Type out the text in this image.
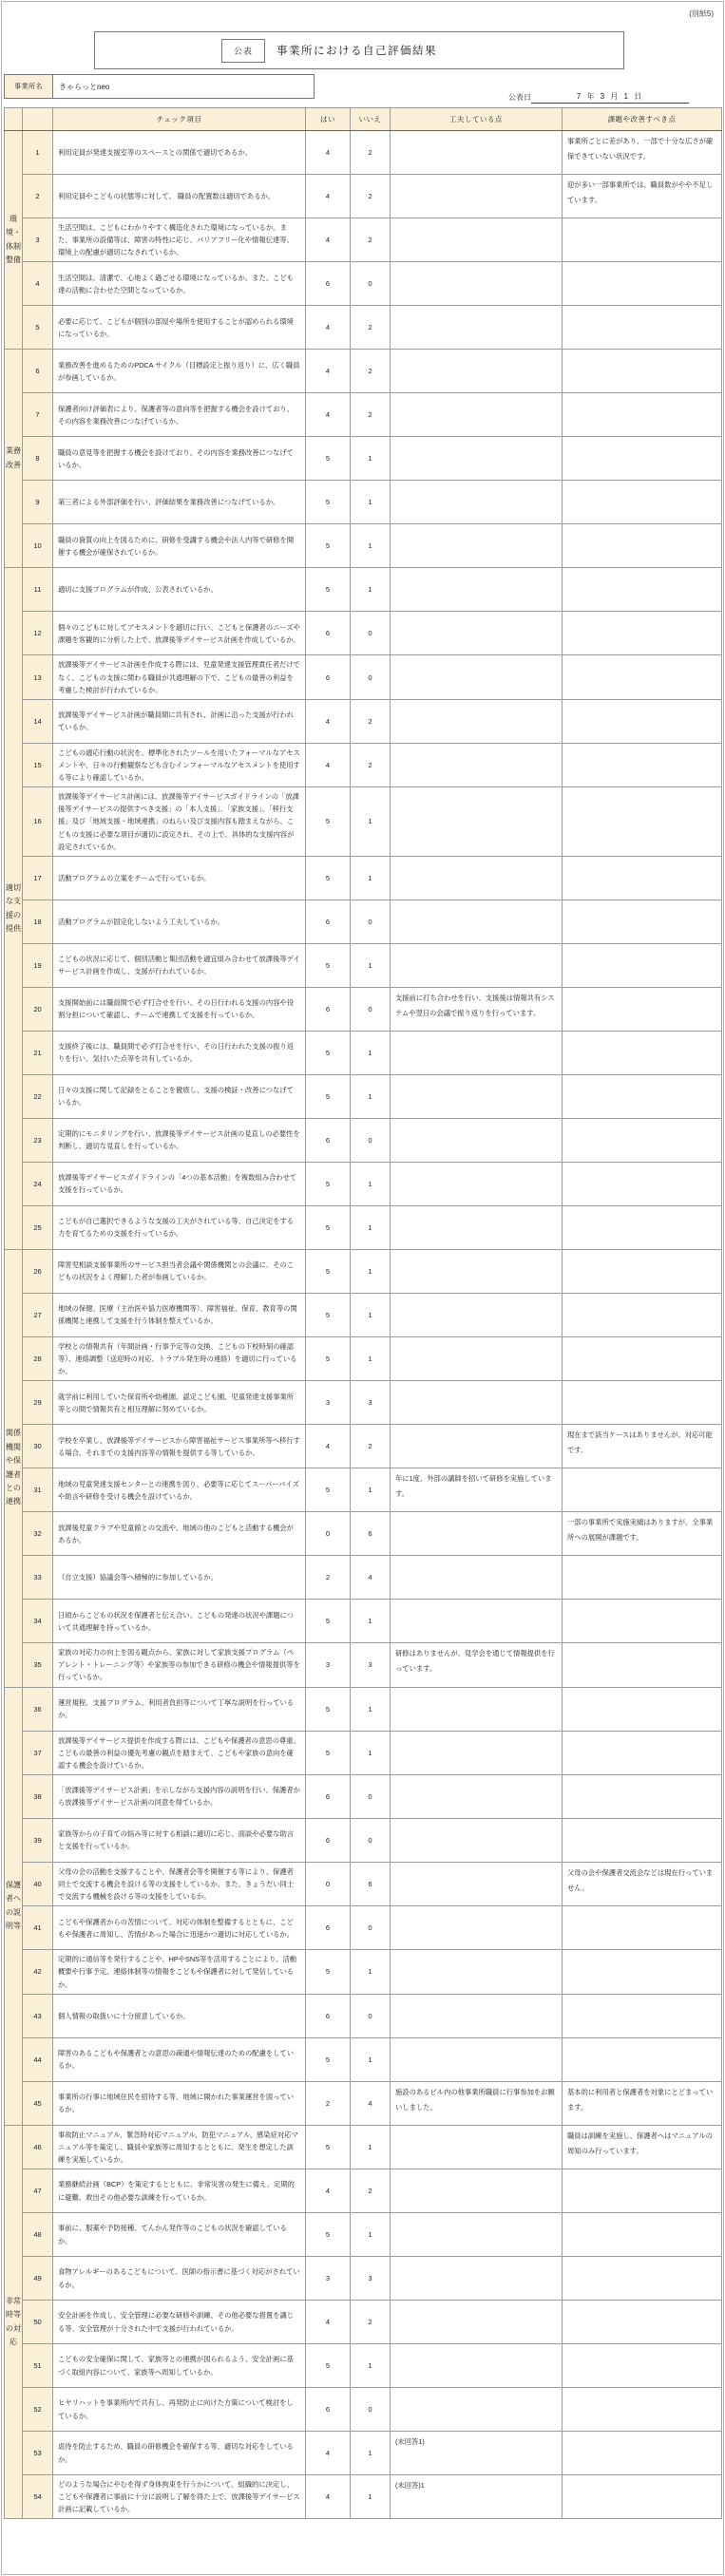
(別紙5)
公表	事業所における自己評価結果
事業所名	きゃらっとneo
公表日	7 年 3 月 1 日
		チェック項目	はい	いいえ	工夫している点	課題や改善すべき点
環境・体制整備	1	利用定員が発達支援室等のスペースとの関係で適切であるか。	4	2		事業所ごとに差があり、一部で十分な広さが確保できていない状況です。
	2	利用定員やこどもの状態等に対して、 職員の配置数は適切であるか。	4	2		迎が多い一部事業所では、職員数がやや不足しています。
	3	生活空間は、こどもにわかりやすく構造化された環境になっているか。また、事業所の設備等は、障害の特性に応じ、バリアフリー化や情報伝達等、環境上の配慮が適切になされているか。	4	2		
	4	生活空間は、清潔で、心地よく過ごせる環境になっているか。また、こども達の活動に合わせた空間となっているか。	6	0		
	5	必要に応じて、こどもが個別の部屋や場所を使用することが認められる環境になっているか。	4	2		
業務改善	6	業務改善を進めるためのPDCA サイクル（目標設定と振り返り）に、広く職員が参画しているか。	4	2		
	7	保護者向け評価表により、保護者等の意向等を把握する機会を設けており、その内容を業務改善につなげているか。	4	2		
	8	職員の意見等を把握する機会を設けており、その内容を業務改善につなげているか。	5	1		
	9	第三者による外部評価を行い、評価結果を業務改善につなげているか。	5	1		
	10	職員の資質の向上を図るために、研修を受講する機会や法人内等で研修を開催する機会が確保されているか。	5	1		
適切な支援の提供	11	適切に支援プログラムが作成、公表されているか。	5	1		
	12	個々のこどもに対してアセスメントを適切に行い、こどもと保護者のニーズや課題を客観的に分析した上で、放課後等デイサービス計画を作成しているか。	6	0		
	13	放課後等デイサービス計画を作成する際には、児童発達支援管理責任者だけでなく、こどもの支援に関わる職員が共通理解の下で、こどもの最善の利益を考慮した検討が行われているか。	6	0		
	14	放課後等デイサービス計画が職員間に共有され、計画に沿った支援が行われているか。	4	2		
	15	こどもの適応行動の状況を、標準化されたツールを用いたフォーマルなアセスメントや、日々の行動観察なども含むインフォーマルなアセスメントを使用する等により確認しているか。	4	2		
	16	放課後等デイサービス計画には、放課後等デイサービスガイドラインの「放課後等デイサービスの提供すべき支援」の「本人支援」、「家族支援」、「移行支援」及び「地域支援・地域連携」のねらい及び支援内容も踏まえながら、こどもの支援に必要な項目が適切に設定され、その上で、具体的な支援内容が設定されているか。	5	1		
	17	活動プログラムの立案をチームで行っているか。	5	1		
	18	活動プログラムが固定化しないよう工夫しているか。	6	0		
	19	こどもの状況に応じて、個別活動と集団活動を適宜組み合わせて放課後等デイサービス計画を作成し、支援が行われているか。	5	1		
	20	支援開始前には職員間で必ず打合せを行い、その日行われる支援の内容や役割分担について確認し、チームで連携して支援を行っているか。	6	0	支援前に打ち合わせを行い、支援後は情報共有システムや翌日の会議で振り返りを行っています。	
	21	支援終了後には、職員間で必ず打合せを行い、その日行われた支援の振り返りを行い、気付いた点等を共有しているか。	5	1		
	22	日々の支援に関して記録をとることを徹底し、支援の検証・改善につなげているか。	5	1		
	23	定期的にモニタリングを行い、放課後等デイサービス計画の見直しの必要性を判断し、適切な見直しを行っているか。	6	0		
	24	放課後等デイサービスガイドラインの「4つの基本活動」を複数組み合わせて支援を行っているか。	5	1		
	25	こどもが自己選択できるような支援の工夫がされている等、自己決定をする力を育てるための支援を行っているか。	5	1		
関係機関や保護者との連携	26	障害児相談支援事業所のサービス担当者会議や関係機関との会議に、そのこどもの状況をよく理解した者が参画しているか。	5	1		
	27	地域の保健、医療（主治医や協力医療機関等）、障害福祉、保育、教育等の関係機関と連携して支援を行う体制を整えているか。	5	1		
	28	学校との情報共有（年間計画・行事予定等の交換、こどもの下校時刻の確認等）、連絡調整（送迎時の対応、トラブル発生時の連絡）を適切に行っているか。	5	1		
	29	就学前に利用していた保育所や幼稚園、認定こども園、児童発達支援事業所等との間で情報共有と相互理解に努めているか。	3	3		
	30	学校を卒業し、放課後等デイサービスから障害福祉サービス事業所等へ移行する場合、それまでの支援内容等の情報を提供する等しているか。	4	2		現在まで該当ケースはありませんが、対応可能です。
	31	地域の児童発達支援センターとの連携を図り、必要等に応じてスーパーバイズや助言や研修を受ける機会を設けているか。	5	1	年に1度、外部の講師を招いて研修を実施しています。	
	32	放課後児童クラブや児童館との交流や、地域の他のこどもと活動する機会があるか。	0	6		一部の事業所で実施実績はありますが、全事業所への展開が課題です。
	33	（自立支援）協議会等へ積極的に参加しているか。	2	4		
	34	日頃からこどもの状況を保護者と伝え合い、こどもの発達の状況や課題について共通理解を持っているか。	5	1		
	35	家族の対応力の向上を図る観点から、家族に対して家族支援プログラム（ペアレント・トレーニング等）や家族等の参加できる研修の機会や情報提供等を行っているか。	3	3	研修はありませんが、見学会を通じて情報提供を行っています。	
保護者への説明等	36	運営規程、支援プログラム、利用者負担等について丁寧な説明を行っているか。	5	1		
	37	放課後等デイサービス提供を作成する際には、こどもや保護者の意思の尊重、こどもの最善の利益の優先考慮の観点を踏まえて、こどもや家族の意向を確認する機会を設けているか。	5	1		
	38	「放課後等デイサービス計画」を示しながら支援内容の説明を行い、保護者から放課後等デイサービス計画の同意を得ているか。	6	0		
	39	家族等からの子育ての悩み等に対する相談に適切に応じ、面談や必要な助言と支援を行っているか。	6	0		
	40	父母の会の活動を支援することや、保護者会等を開催する等により、保護者同士で交流する機会を設ける等の支援をしているか。また、きょうだい同士で交流する機械を設ける等の支援をしているか。	0	6		父母の会や保護者交流会などは現在行っていません。
	41	こどもや保護者からの苦情について、対応の体制を整備するとともに、こどもや保護者に周知し、苦情があった場合に迅速かつ適切に対応しているか。	6	0		
	42	定期的に通信等を発行することや、HPやSNS等を活用することにより、活動概要や行事予定、連絡体制等の情報をこどもや保護者に対して発信しているか。	5	1		
	43	個人情報の取扱いに十分留意しているか。	6	0		
	44	障害のあるこどもや保護者との意思の疎通や情報伝達のための配慮をしているか。	5	1		
	45	事業所の行事に地域住民を招待する等、地域に開かれた事業運営を図っているか。	2	4	施設のあるビル内の他事業所職員に行事参加をお願いしました。	基本的に利用者と保護者を対象にとどまっています。
非常時等の対応	46	事故防止マニュアル、緊急時対応マニュアル、防犯マニュアル、感染症対応マニュアル等を策定し、職員や家族等に周知するとともに、発生を想定した訓練を実施しているか。	5	1		職員は訓練を実施し、保護者へはマニュアルの周知のみ行っています。
	47	業務継続計画（BCP）を策定するとともに、非常災害の発生に備え、定期的に避難、救出その他必要な訓練を行っているか。	4	2		
	48	事前に、服薬や予防接種、てんかん発作等のこどもの状況を確認しているか。	5	1		
	49	食物アレルギーのあるこどもについて、医師の指示書に基づく対応がされているか。	3	3		
	50	安全計画を作成し、安全管理に必要な研修や訓練、その他必要な措置を講じる等、安全管理が十分された中で支援が行われているか。	4	2		
	51	こどもの安全確保に関して、家族等との連携が図られるよう、安全計画に基づく取組内容について、家族等へ周知しているか。	5	1		
	52	ヒヤリハットを事業所内で共有し、再発防止に向けた方策について検討をしているか。	6	0		
	53	虐待を防止するため、職員の研修機会を確保する等、適切な対応をしているか。	4	1	(未回答1)	
	54	どのような場合にやむを得ず身体拘束を行うかについて、組織的に決定し、こどもや保護者に事前に十分に説明し了解を得た上で、放課後等デイサービス計画に記載しているか。	4	1	(未回答)1	
